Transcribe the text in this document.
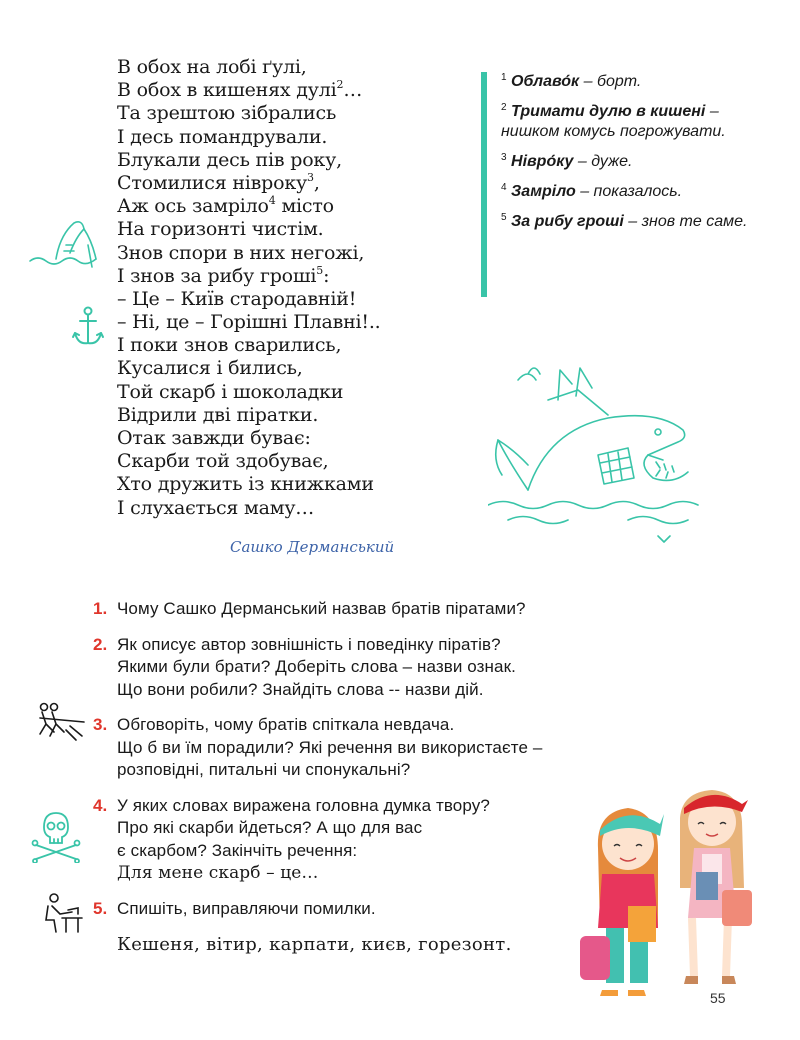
В обох на лобі ґулі,
В обох в кишенях дулі$^2$…
Та зрештою зібрались
І десь помандрували.
Блукали десь пів року,
Стомилися нівроку$^3$,
Аж ось замріло$^4$ місто
На горизонті чистім.
Знов спори в них негожі,
І знов за рибу гроші$^5$:
– Це – Київ стародавній!
– Ні, це – Горішні Плавні!..
І поки знов сварились,
Кусалися і бились,
Той скарб і шоколадки
Відрили дві піратки.
Отак завжди буває:
Скарби той здобуває,
Хто дружить із книжками
І слухається маму…
Сашко Дерманський
$^1$ Облаво́к – борт.
$^2$ Тримати дулю в кишені – нишком комусь погрожувати.
$^3$ Нівро́ку – дуже.
$^4$ Замріло – показалось.
$^5$ За рибу гроші – знов те саме.
1. Чому Сашко Дерманський назвав братів піратами?
2. Як описує автор зовнішність і поведінку піратів?
Якими були брати? Доберіть слова – назви ознак.
Що вони робили? Знайдіть слова -- назви дій.
3. Обговоріть, чому братів спіткала невдача.
Що б ви їм порадили? Які речення ви використаєте –
розповідні, питальні чи спонукальні?
4. У яких словах виражена головна думка твору?
Про які скарби йдеться? А що для вас
є скарбом? Закінчіть речення:
Для мене скарб – це…
5. Спишіть, виправляючи помилки.
Кешеня, вітир, карпати, києв, горезонт.
55
